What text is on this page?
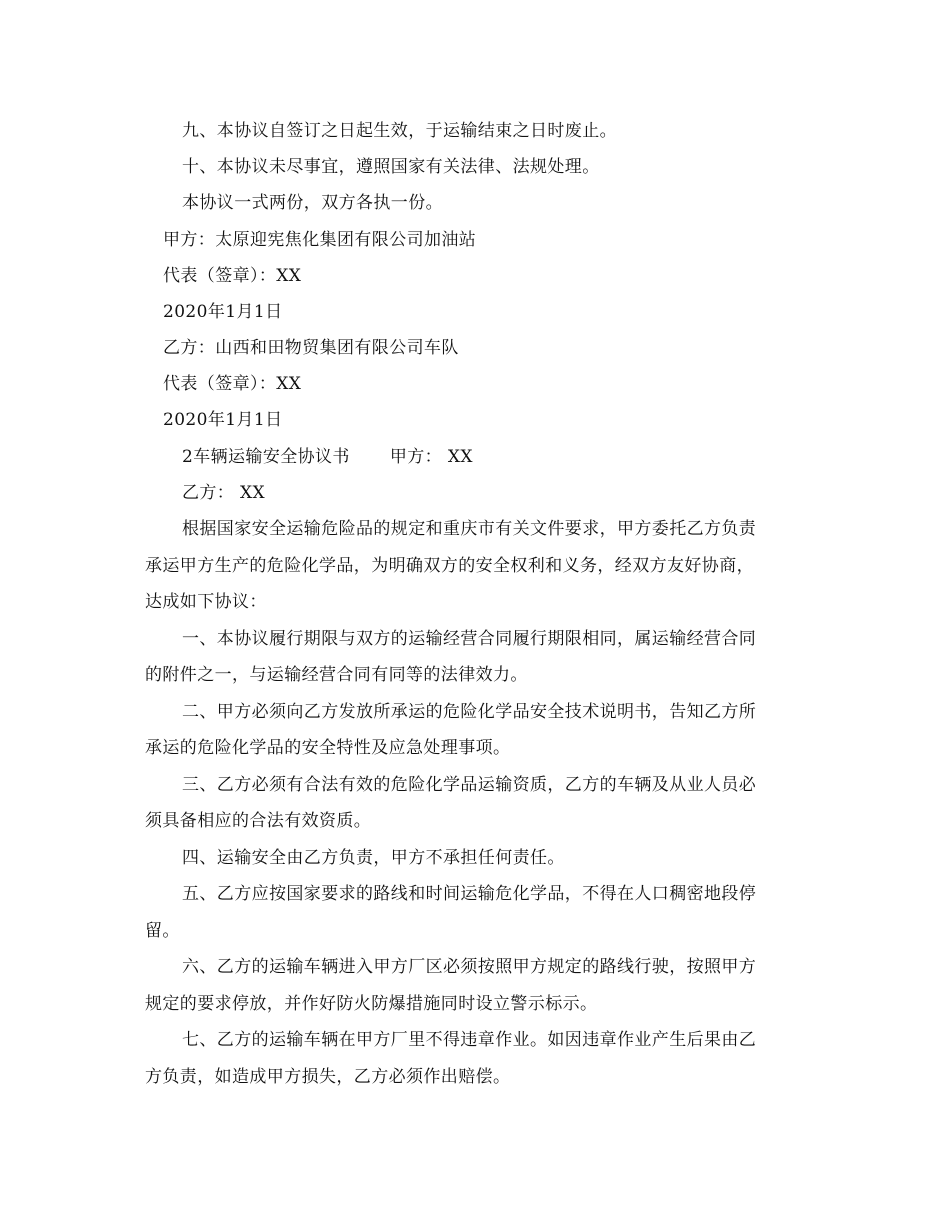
九、本协议自签订之日起生效，于运输结束之日时废止。
十、本协议未尽事宜，遵照国家有关法律、法规处理。
本协议一式两份，双方各执一份。
甲方：太原迎宪焦化集团有限公司加油站
代表（签章）：XX
2020年1月1日
乙方：山西和田物贸集团有限公司车队
代表（签章）：XX
2020年1月1日
2车辆运输安全协议书 甲方： XX
乙方： XX
根据国家安全运输危险品的规定和重庆市有关文件要求，甲方委托乙方负责
承运甲方生产的危险化学品，为明确双方的安全权利和义务，经双方友好协商，
达成如下协议：
一、本协议履行期限与双方的运输经营合同履行期限相同，属运输经营合同
的附件之一，与运输经营合同有同等的法律效力。
二、甲方必须向乙方发放所承运的危险化学品安全技术说明书，告知乙方所
承运的危险化学品的安全特性及应急处理事项。
三、乙方必须有合法有效的危险化学品运输资质，乙方的车辆及从业人员必
须具备相应的合法有效资质。
四、运输安全由乙方负责，甲方不承担任何责任。
五、乙方应按国家要求的路线和时间运输危化学品，不得在人口稠密地段停
留。
六、乙方的运输车辆进入甲方厂区必须按照甲方规定的路线行驶，按照甲方
规定的要求停放，并作好防火防爆措施同时设立警示标示。
七、乙方的运输车辆在甲方厂里不得违章作业。如因违章作业产生后果由乙
方负责，如造成甲方损失，乙方必须作出赔偿。
